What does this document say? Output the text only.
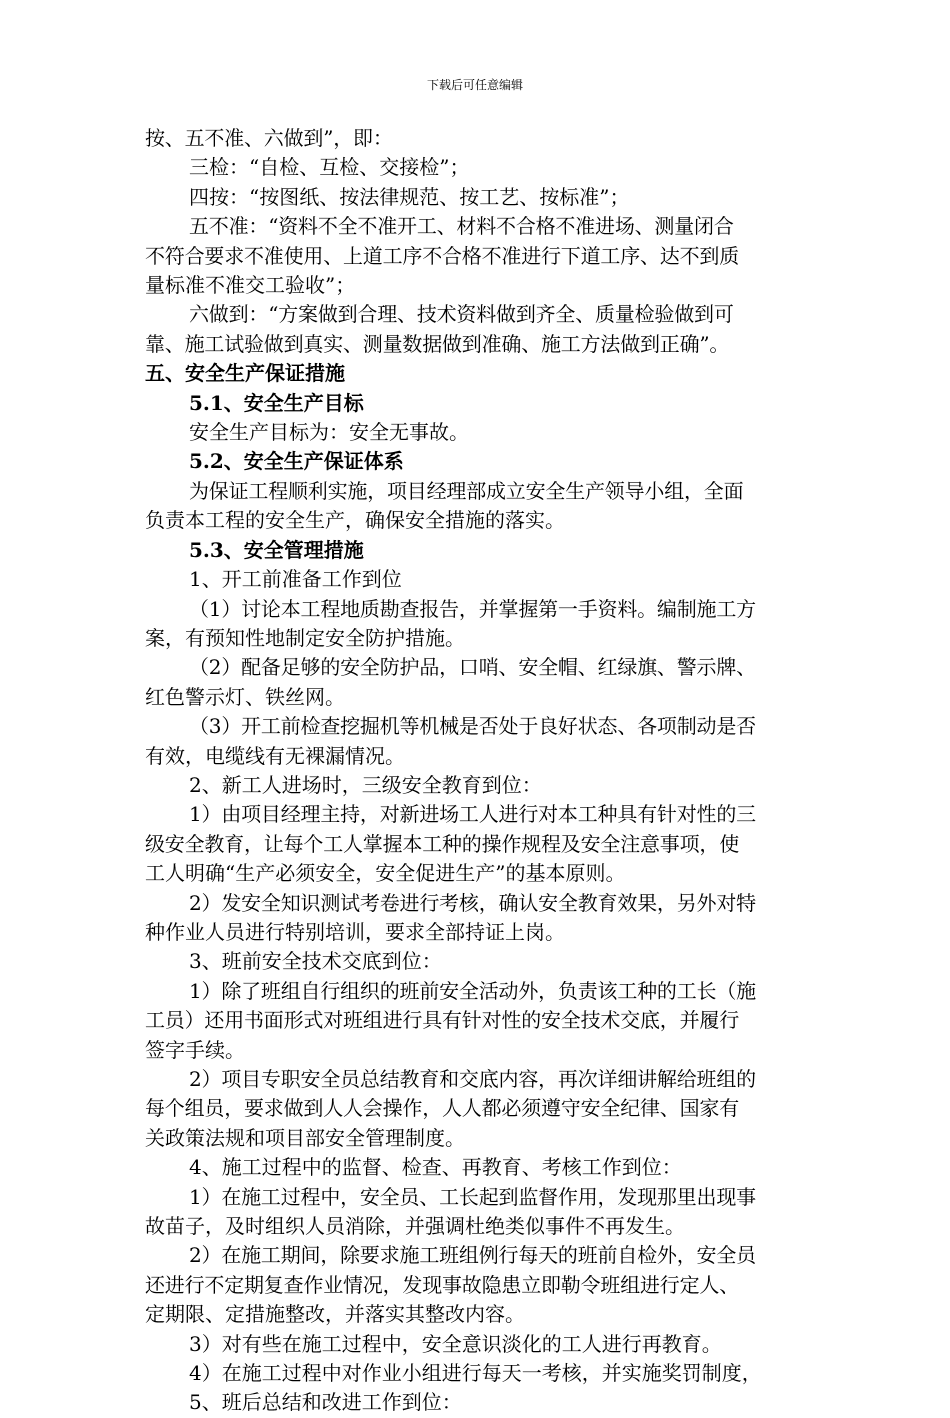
下载后可任意编辑

按、五不准、六做到”，即：

三检：“自检、互检、交接检”；

四按：“按图纸、按法律规范、按工艺、按标准”；

五不准：“资料不全不准开工、材料不合格不准进场、测量闭合

不符合要求不准使用、上道工序不合格不准进行下道工序、达不到质

量标准不准交工验收”；

六做到：“方案做到合理、技术资料做到齐全、质量检验做到可

靠、施工试验做到真实、测量数据做到准确、施工方法做到正确”。

五、安全生产保证措施

5.1、安全生产目标

安全生产目标为：安全无事故。

5.2、安全生产保证体系

为保证工程顺利实施，项目经理部成立安全生产领导小组，全面

负责本工程的安全生产，确保安全措施的落实。

5.3、安全管理措施

1、开工前准备工作到位

（1）讨论本工程地质勘查报告，并掌握第一手资料。编制施工方

案，有预知性地制定安全防护措施。

（2）配备足够的安全防护品，口哨、安全帽、红绿旗、警示牌、

红色警示灯、铁丝网。

（3）开工前检查挖掘机等机械是否处于良好状态、各项制动是否

有效，电缆线有无裸漏情况。

2、新工人进场时，三级安全教育到位：

1）由项目经理主持，对新进场工人进行对本工种具有针对性的三

级安全教育，让每个工人掌握本工种的操作规程及安全注意事项，使

工人明确“生产必须安全，安全促进生产”的基本原则。

2）发安全知识测试考卷进行考核，确认安全教育效果，另外对特

种作业人员进行特别培训，要求全部持证上岗。

3、班前安全技术交底到位：

1）除了班组自行组织的班前安全活动外，负责该工种的工长（施

工员）还用书面形式对班组进行具有针对性的安全技术交底，并履行

签字手续。

2）项目专职安全员总结教育和交底内容，再次详细讲解给班组的

每个组员，要求做到人人会操作，人人都必须遵守安全纪律、国家有

关政策法规和项目部安全管理制度。

4、施工过程中的监督、检查、再教育、考核工作到位：

1）在施工过程中，安全员、工长起到监督作用，发现那里出现事

故苗子，及时组织人员消除，并强调杜绝类似事件不再发生。

2）在施工期间，除要求施工班组例行每天的班前自检外，安全员

还进行不定期复查作业情况，发现事故隐患立即勒令班组进行定人、

定期限、定措施整改，并落实其整改内容。

3）对有些在施工过程中，安全意识淡化的工人进行再教育。

4）在施工过程中对作业小组进行每天一考核，并实施奖罚制度，

5、班后总结和改进工作到位：
